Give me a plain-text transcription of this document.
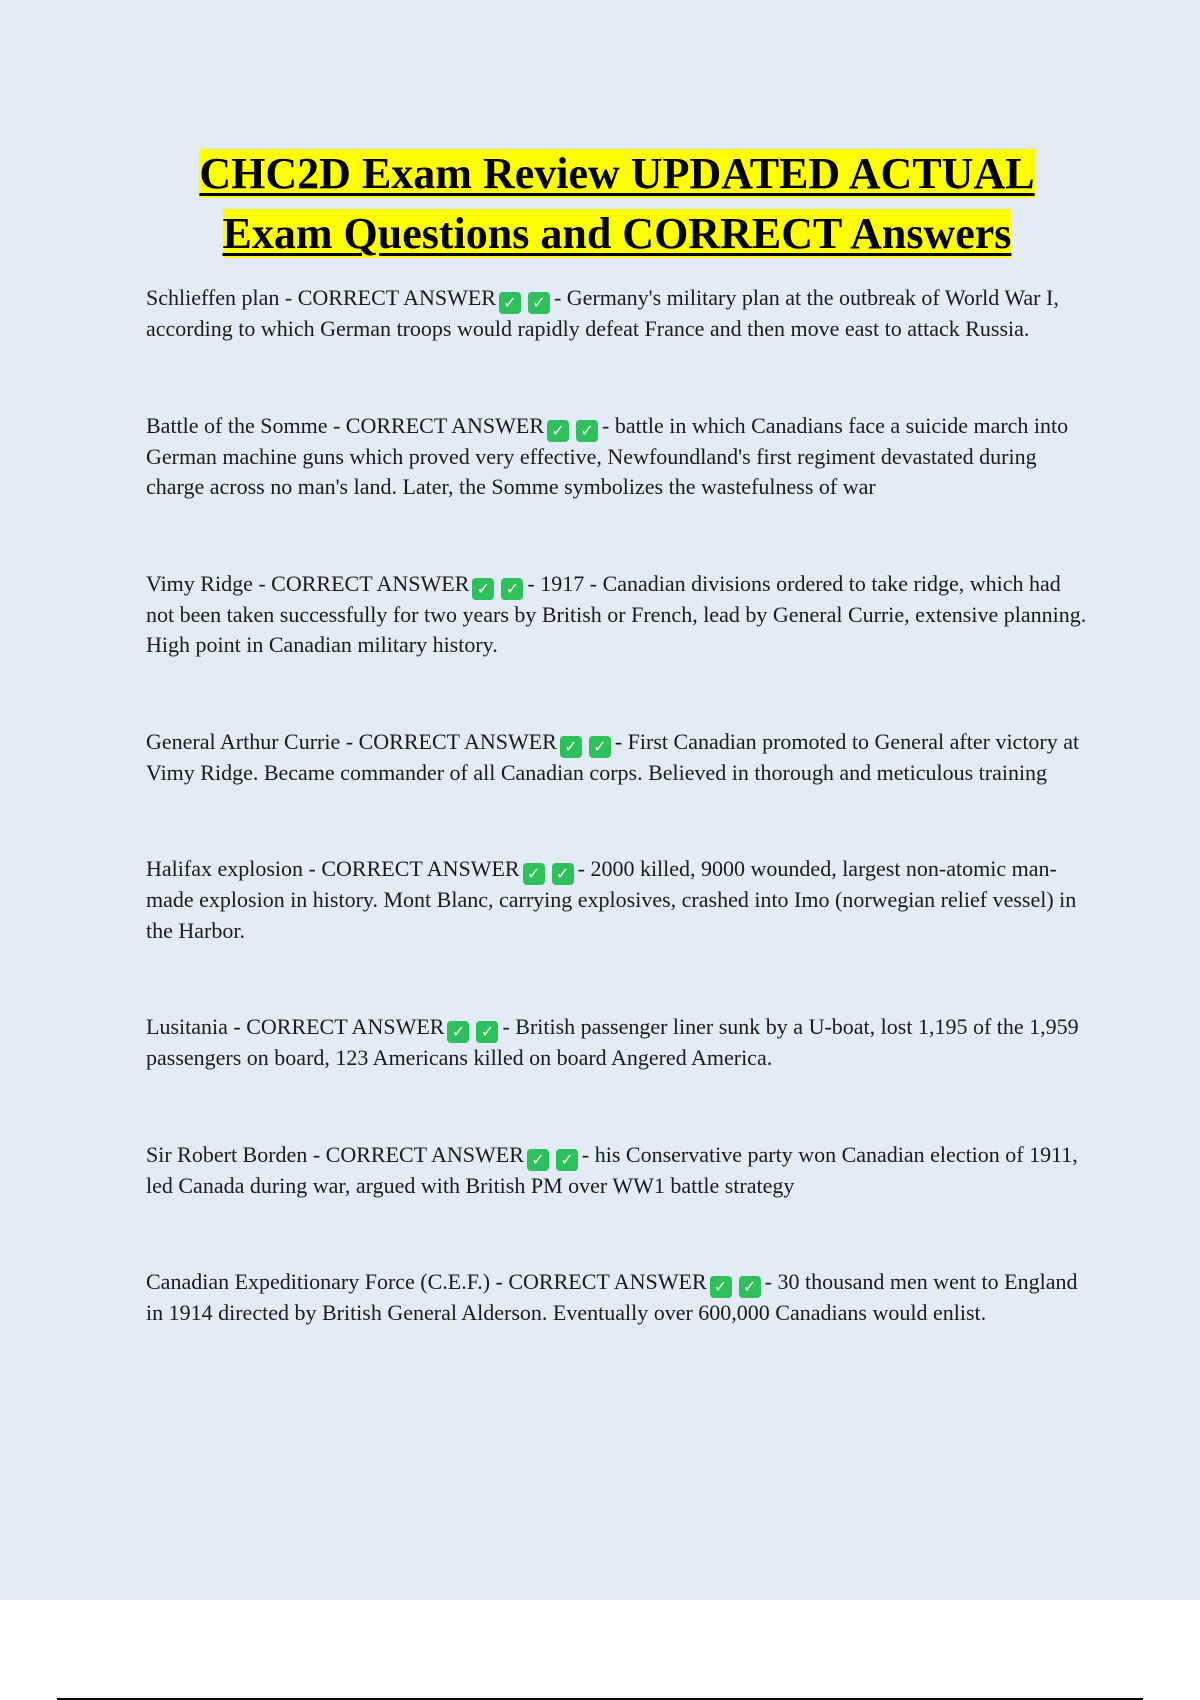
CHC2D Exam Review UPDATED ACTUAL
Exam Questions and CORRECT Answers

Schlieffen plan - CORRECT ANSWER ✓ ✓ - Germany's military plan at the outbreak of World War I, according to which German troops would rapidly defeat France and then move east to attack Russia.

Battle of the Somme - CORRECT ANSWER ✓ ✓ - battle in which Canadians face a suicide march into German machine guns which proved very effective, Newfoundland's first regiment devastated during charge across no man's land. Later, the Somme symbolizes the wastefulness of war

Vimy Ridge - CORRECT ANSWER ✓ ✓ - 1917 - Canadian divisions ordered to take ridge, which had not been taken successfully for two years by British or French, lead by General Currie, extensive planning. High point in Canadian military history.

General Arthur Currie - CORRECT ANSWER ✓ ✓ - First Canadian promoted to General after victory at Vimy Ridge. Became commander of all Canadian corps. Believed in thorough and meticulous training

Halifax explosion - CORRECT ANSWER ✓ ✓ - 2000 killed, 9000 wounded, largest non-atomic man-made explosion in history. Mont Blanc, carrying explosives, crashed into Imo (norwegian relief vessel) in the Harbor.

Lusitania - CORRECT ANSWER ✓ ✓ - British passenger liner sunk by a U-boat, lost 1,195 of the 1,959 passengers on board, 123 Americans killed on board Angered America.

Sir Robert Borden - CORRECT ANSWER ✓ ✓ - his Conservative party won Canadian election of 1911, led Canada during war, argued with British PM over WW1 battle strategy

Canadian Expeditionary Force (C.E.F.) - CORRECT ANSWER ✓ ✓ - 30 thousand men went to England in 1914 directed by British General Alderson. Eventually over 600,000 Canadians would enlist.
